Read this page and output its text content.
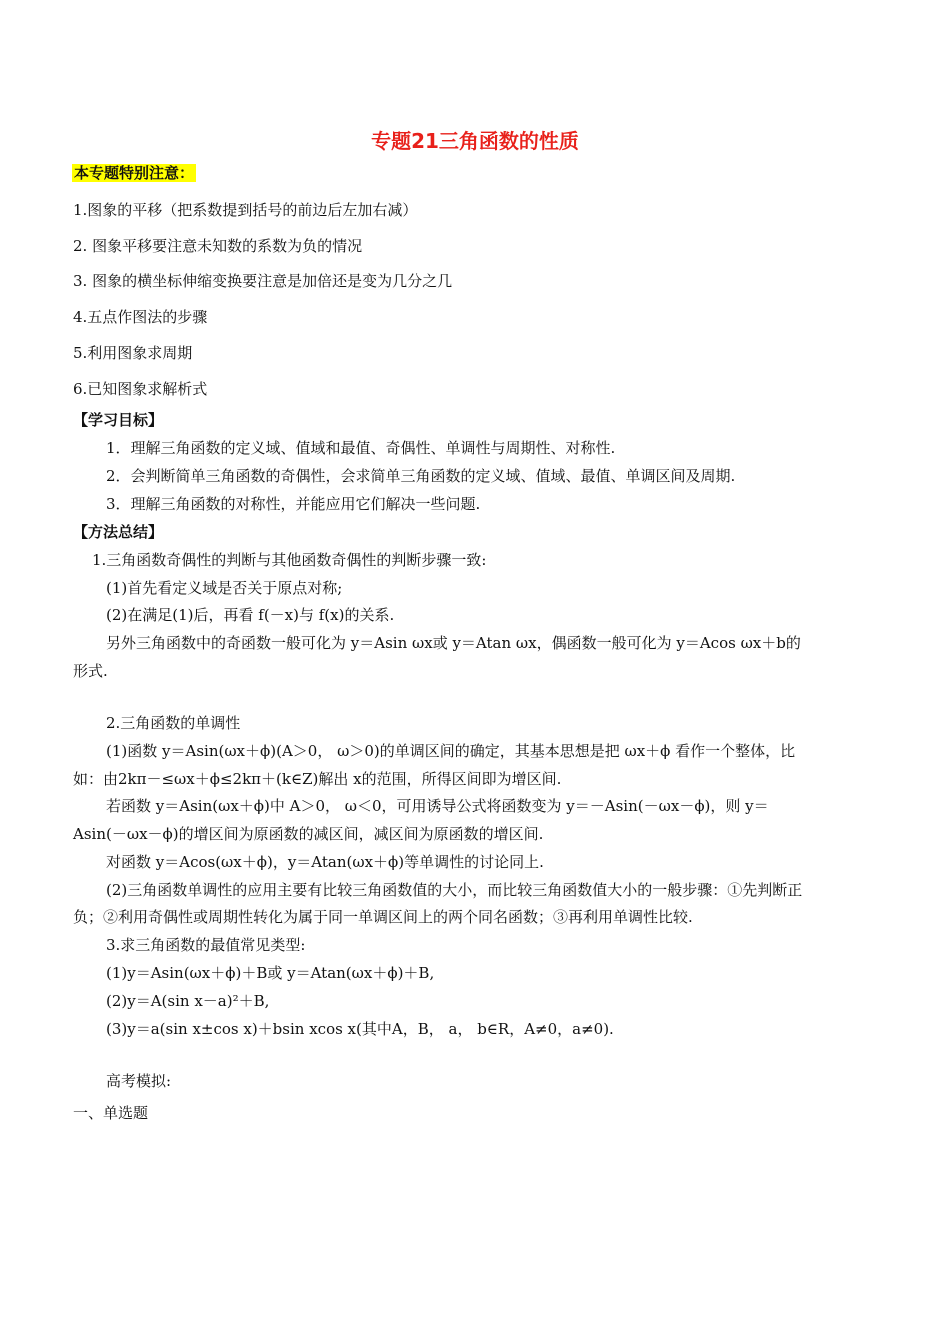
专题21三角函数的性质
本专题特别注意：
1.图象的平移（把系数提到括号的前边后左加右减）
2. 图象平移要注意未知数的系数为负的情况
3. 图象的横坐标伸缩变换要注意是加倍还是变为几分之几
4.五点作图法的步骤
5.利用图象求周期
6.已知图象求解析式
【学习目标】
1．理解三角函数的定义域、值域和最值、奇偶性、单调性与周期性、对称性.
2．会判断简单三角函数的奇偶性，会求简单三角函数的定义域、值域、最值、单调区间及周期.
3．理解三角函数的对称性，并能应用它们解决一些问题.
【方法总结】
1.三角函数奇偶性的判断与其他函数奇偶性的判断步骤一致:
(1)首先看定义域是否关于原点对称;
(2)在满足(1)后，再看 f(－x)与 f(x)的关系.
另外三角函数中的奇函数一般可化为 y＝Asin ωx或 y＝Atan ωx，偶函数一般可化为 y＝Acos ωx＋b的
形式.
2.三角函数的单调性
(1)函数 y＝Asin(ωx＋ϕ)(A＞0， ω＞0)的单调区间的确定，其基本思想是把 ωx＋ϕ 看作一个整体，比
如：由2kπ－≤ωx＋ϕ≤2kπ＋(k∈Z)解出 x的范围，所得区间即为增区间.
若函数 y＝Asin(ωx＋ϕ)中 A＞0， ω＜0，可用诱导公式将函数变为 y＝－Asin(－ωx－ϕ)，则 y＝
Asin(－ωx－ϕ)的增区间为原函数的减区间，减区间为原函数的增区间.
对函数 y＝Acos(ωx＋ϕ)，y＝Atan(ωx＋ϕ)等单调性的讨论同上.
(2)三角函数单调性的应用主要有比较三角函数值的大小，而比较三角函数值大小的一般步骤：①先判断正
负；②利用奇偶性或周期性转化为属于同一单调区间上的两个同名函数；③再利用单调性比较.
3.求三角函数的最值常见类型:
(1)y＝Asin(ωx＋ϕ)＋B或 y＝Atan(ωx＋ϕ)＋B,
(2)y＝A(sin x－a)²＋B,
(3)y＝a(sin x±cos x)＋bsin xcos x(其中A，B， a， b∈R，A≠0，a≠0).
高考模拟:
一、单选题
